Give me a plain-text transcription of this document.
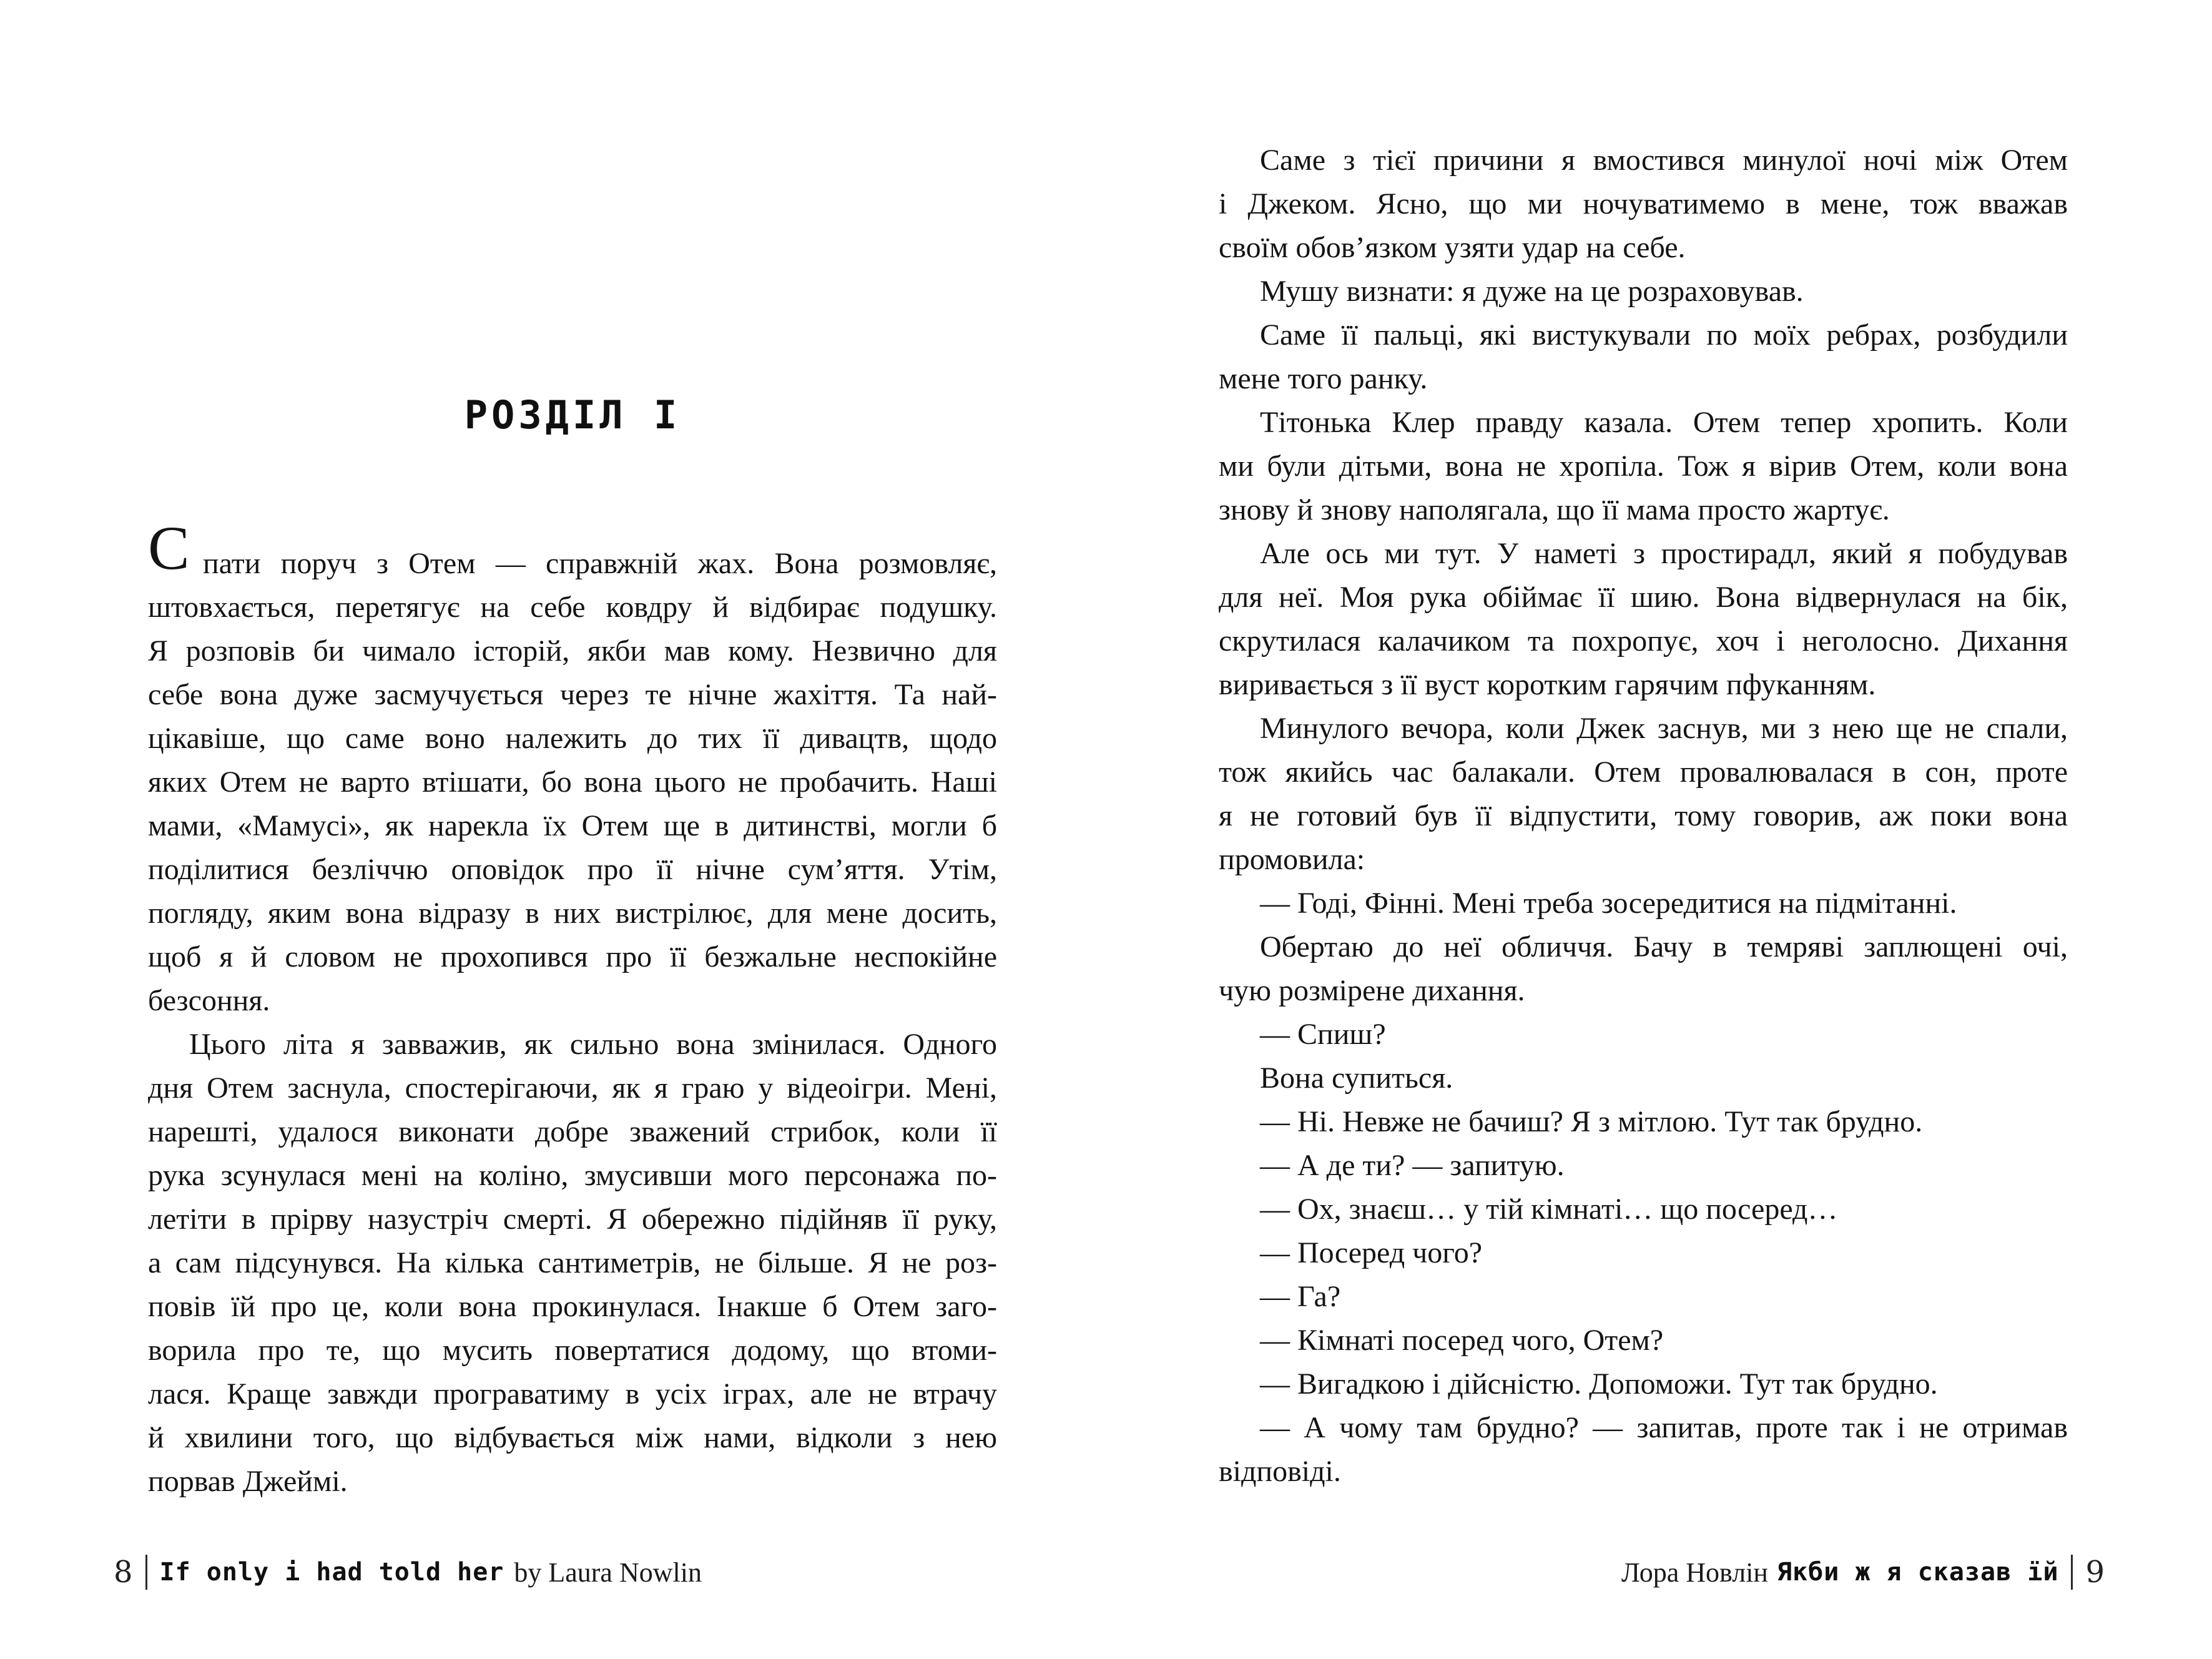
РОЗДІЛ I
С пати поруч з Отем — справжній жах. Вона розмовляє,
штовхається, перетягує на себе ковдру й відбирає подушку.
Я розповів би чимало історій, якби мав кому. Незвично для
себе вона дуже засмучується через те нічне жахіття. Та най-
цікавіше, що саме воно належить до тих її дивацтв, щодо
яких Отем не варто втішати, бо вона цього не пробачить. Наші
мами, «Мамусі», як нарекла їх Отем ще в дитинстві, могли б
поділитися безліччю оповідок про її нічне сум’яття. Утім,
погляду, яким вона відразу в них вистрілює, для мене досить,
щоб я й словом не прохопився про її безжальне неспокійне
безсоння.
Цього літа я завважив, як сильно вона змінилася. Одного
дня Отем заснула, спостерігаючи, як я граю у відеоігри. Мені,
нарешті, удалося виконати добре зважений стрибок, коли її
рука зсунулася мені на коліно, змусивши мого персонажа по-
летіти в прірву назустріч смерті. Я обережно підійняв її руку,
а сам підсунувся. На кілька сантиметрів, не більше. Я не роз-
повів їй про це, коли вона прокинулася. Інакше б Отем заго-
ворила про те, що мусить повертатися додому, що втоми-
лася. Краще завжди програватиму в усіх іграх, але не втрачу
й хвилини того, що відбувається між нами, відколи з нею
порвав Джеймі.
8 If only i had told her by Laura Nowlin
Саме з тієї причини я вмостився минулої ночі між Отем
і Джеком. Ясно, що ми ночуватимемо в мене, тож вважав
своїм обов’язком узяти удар на себе.
Мушу визнати: я дуже на це розраховував.
Саме її пальці, які вистукували по моїх ребрах, розбудили
мене того ранку.
Тітонька Клер правду казала. Отем тепер хропить. Коли
ми були дітьми, вона не хропіла. Тож я вірив Отем, коли вона
знову й знову наполягала, що її мама просто жартує.
Але ось ми тут. У наметі з простирадл, який я побудував
для неї. Моя рука обіймає її шию. Вона відвернулася на бік,
скрутилася калачиком та похропує, хоч і неголосно. Дихання
виривається з її вуст коротким гарячим пфуканням.
Минулого вечора, коли Джек заснув, ми з нею ще не спали,
тож якийсь час балакали. Отем провалювалася в сон, проте
я не готовий був її відпустити, тому говорив, аж поки вона
промовила:
— Годі, Фінні. Мені треба зосередитися на підмітанні.
Обертаю до неї обличчя. Бачу в темряві заплющені очі,
чую розмірене дихання.
— Спиш?
Вона супиться.
— Ні. Невже не бачиш? Я з мітлою. Тут так брудно.
— А де ти? — запитую.
— Ох, знаєш… у тій кімнаті… що посеред…
— Посеред чого?
— Га?
— Кімнаті посеред чого, Отем?
— Вигадкою і дійсністю. Допоможи. Тут так брудно.
— А чому там брудно? — запитав, проте так і не отримав
відповіді.
Лора Новлін Якби ж я сказав їй 9
